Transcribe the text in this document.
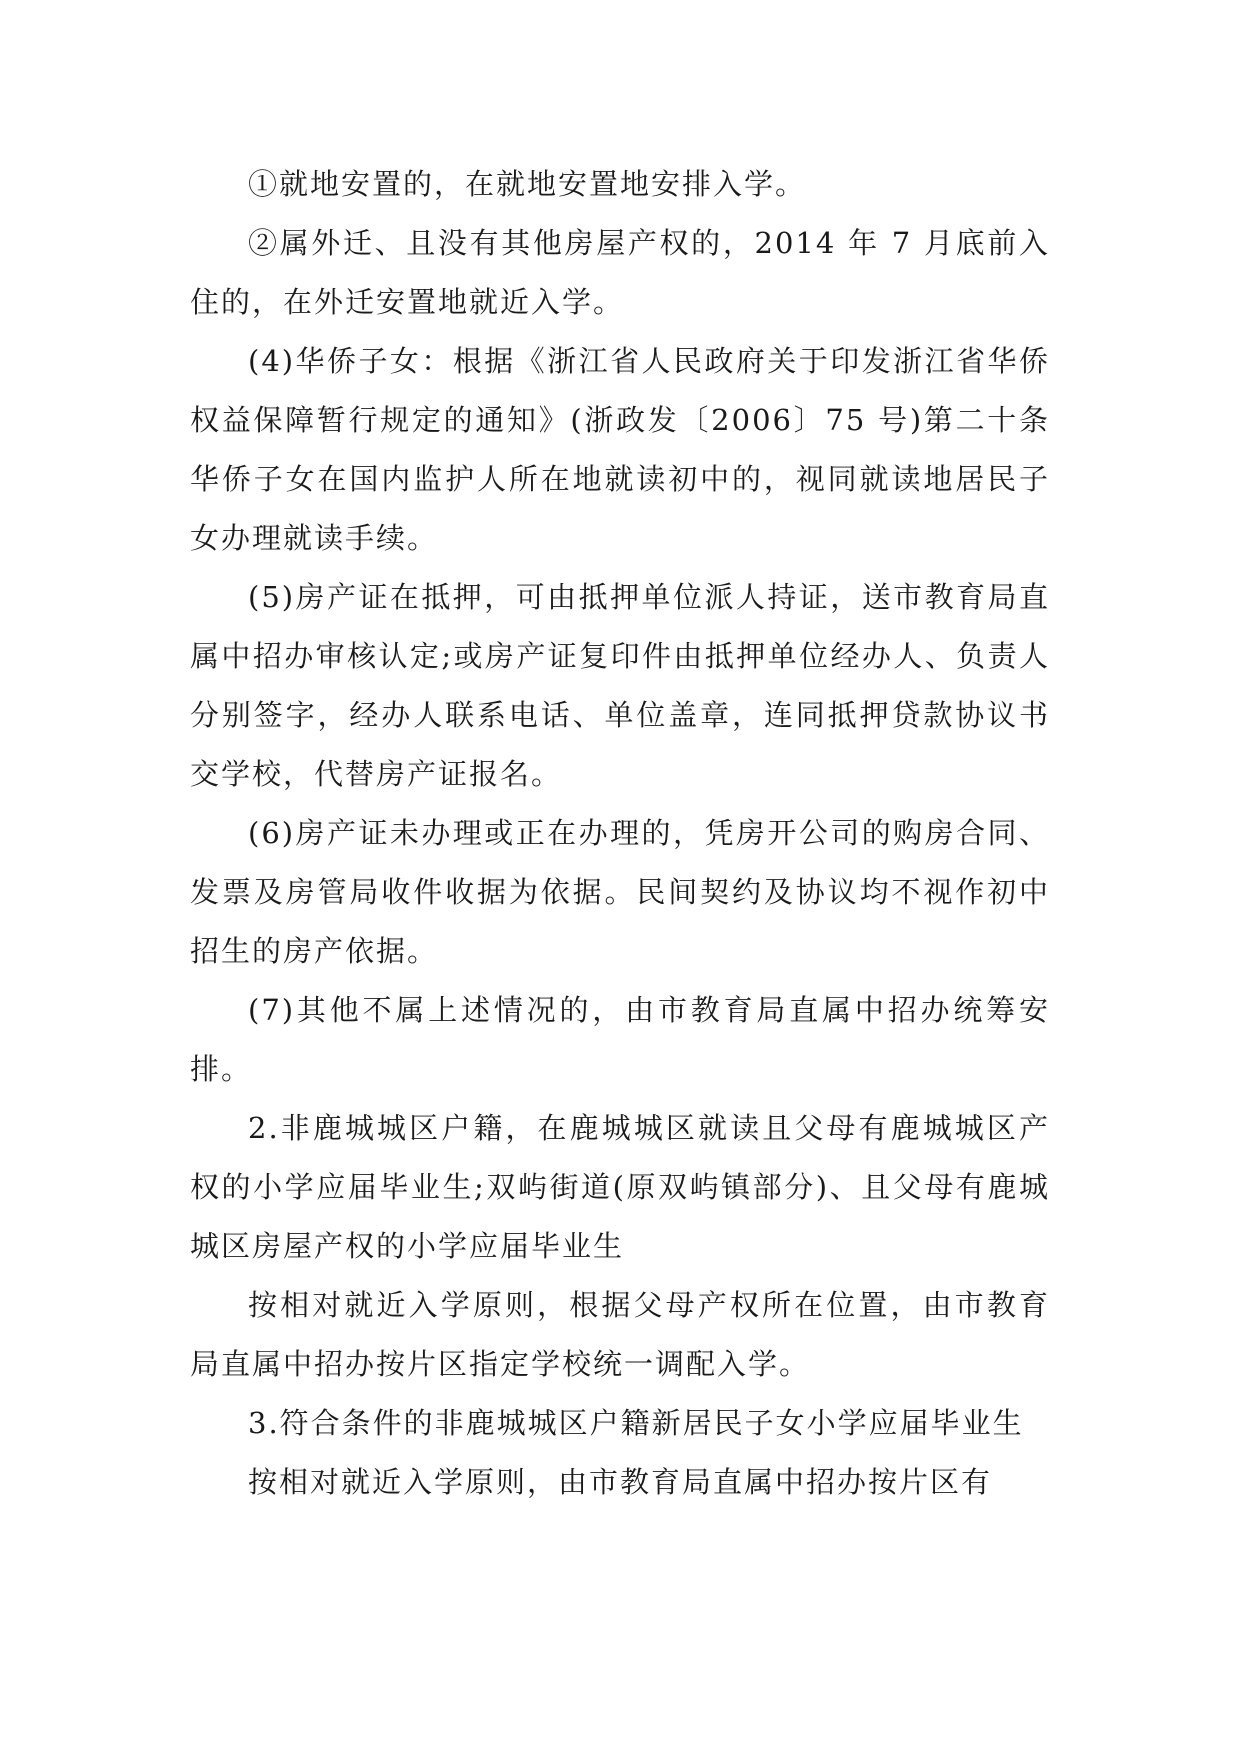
①就地安置的，在就地安置地安排入学。

②属外迁、且没有其他房屋产权的，2014 年 7 月底前入住的，在外迁安置地就近入学。

(4)华侨子女：根据《浙江省人民政府关于印发浙江省华侨权益保障暂行规定的通知》(浙政发〔2006〕75 号)第二十条华侨子女在国内监护人所在地就读初中的，视同就读地居民子女办理就读手续。

(5)房产证在抵押，可由抵押单位派人持证，送市教育局直属中招办审核认定;或房产证复印件由抵押单位经办人、负责人分别签字，经办人联系电话、单位盖章，连同抵押贷款协议书交学校，代替房产证报名。

(6)房产证未办理或正在办理的，凭房开公司的购房合同、发票及房管局收件收据为依据。民间契约及协议均不视作初中招生的房产依据。

(7)其他不属上述情况的，由市教育局直属中招办统筹安排。

2.非鹿城城区户籍，在鹿城城区就读且父母有鹿城城区产权的小学应届毕业生;双屿街道(原双屿镇部分)、且父母有鹿城城区房屋产权的小学应届毕业生

按相对就近入学原则，根据父母产权所在位置，由市教育局直属中招办按片区指定学校统一调配入学。

3.符合条件的非鹿城城区户籍新居民子女小学应届毕业生

按相对就近入学原则，由市教育局直属中招办按片区有
